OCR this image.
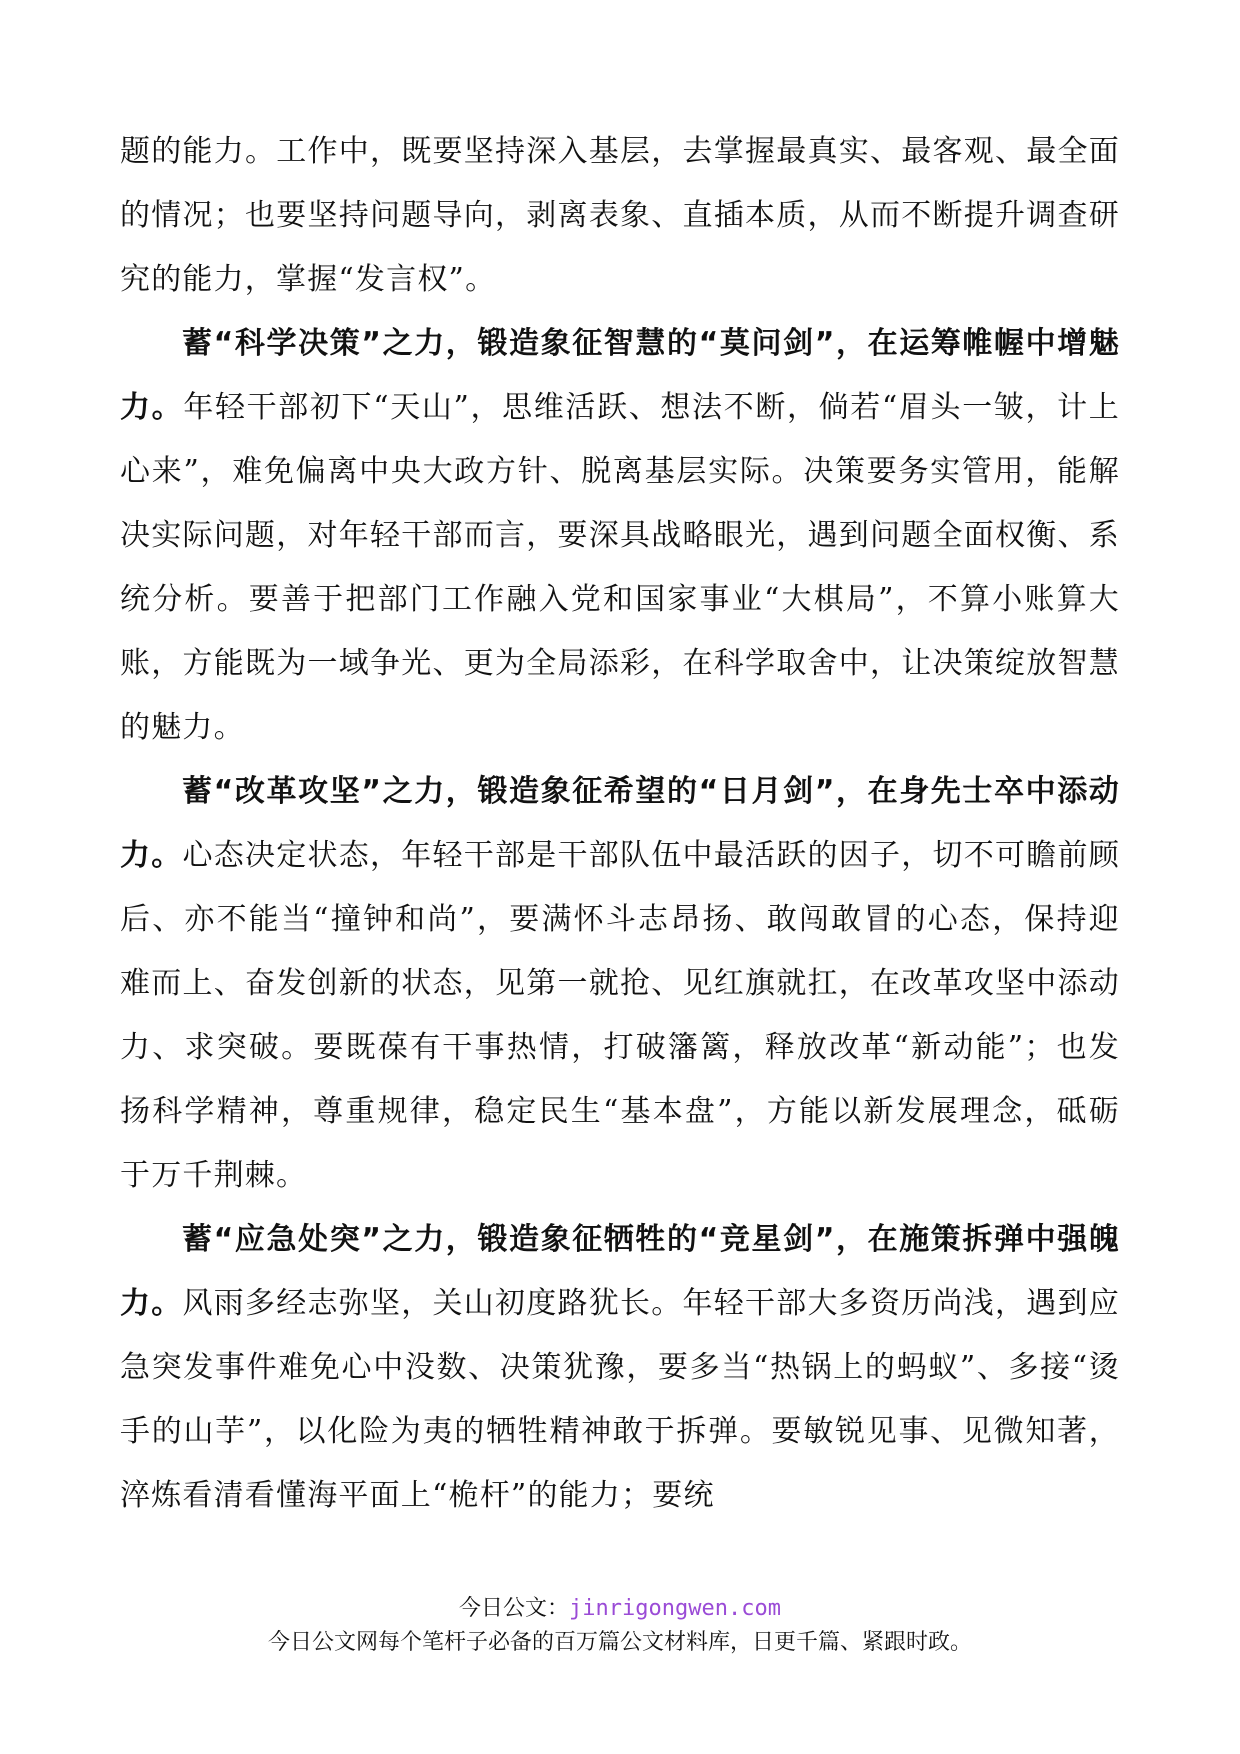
题的能力。工作中，既要坚持深入基层，去掌握最真实、最客观、最全面的情况；也要坚持问题导向，剥离表象、直插本质，从而不断提升调查研究的能力，掌握“发言权”。

蓄“科学决策”之力，锻造象征智慧的“莫问剑”，在运筹帷幄中增魅力。年轻干部初下“天山”，思维活跃、想法不断，倘若“眉头一皱，计上心来”，难免偏离中央大政方针、脱离基层实际。决策要务实管用，能解决实际问题，对年轻干部而言，要深具战略眼光，遇到问题全面权衡、系统分析。要善于把部门工作融入党和国家事业“大棋局”，不算小账算大账，方能既为一域争光、更为全局添彩，在科学取舍中，让决策绽放智慧的魅力。

蓄“改革攻坚”之力，锻造象征希望的“日月剑”，在身先士卒中添动力。心态决定状态，年轻干部是干部队伍中最活跃的因子，切不可瞻前顾后、亦不能当“撞钟和尚”，要满怀斗志昂扬、敢闯敢冒的心态，保持迎难而上、奋发创新的状态，见第一就抢、见红旗就扛，在改革攻坚中添动力、求突破。要既葆有干事热情，打破籓篱，释放改革“新动能”；也发扬科学精神，尊重规律，稳定民生“基本盘”，方能以新发展理念，砥砺于万千荆棘。

蓄“应急处突”之力，锻造象征牺牲的“竞星剑”，在施策拆弹中强魄力。风雨多经志弥坚，关山初度路犹长。年轻干部大多资历尚浅，遇到应急突发事件难免心中没数、决策犹豫，要多当“热锅上的蚂蚁”、多接“烫手的山芋”，以化险为夷的牺牲精神敢于拆弹。要敏锐见事、见微知著，淬炼看清看懂海平面上“桅杆”的能力；要统

今日公文：jinrigongwen.com
今日公文网每个笔杆子必备的百万篇公文材料库，日更千篇、紧跟时政。
